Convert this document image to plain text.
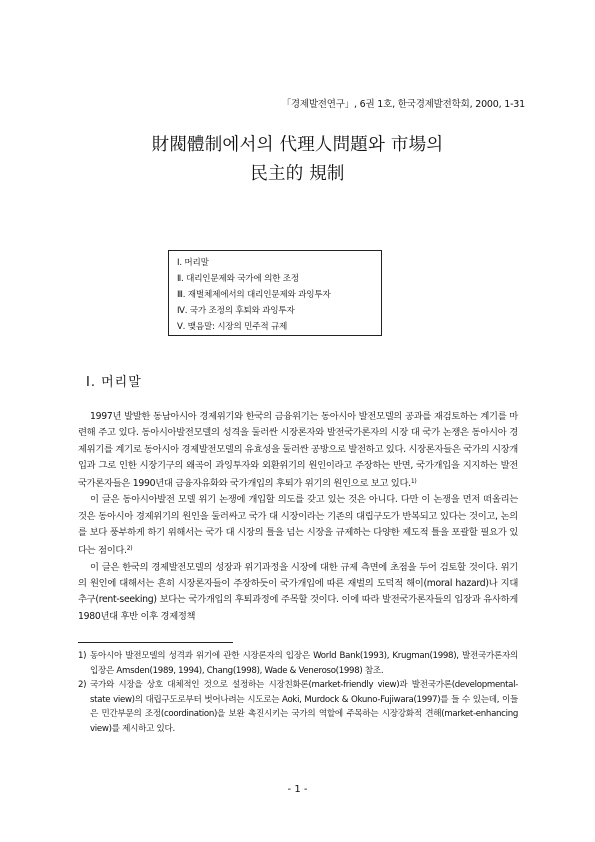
「경제발전연구」, 6권 1호, 한국경제발전학회, 2000, 1-31
財閥體制에서의 代理人問題와 市場의
民主的 規制
Ⅰ. 머리말
Ⅱ. 대리인문제와 국가에 의한 조정
Ⅲ. 재벌체제에서의 대리인문제와 과잉투자
Ⅳ. 국가 조정의 후퇴와 과잉투자
Ⅴ. 맺음말: 시장의 민주적 규제
Ⅰ. 머리말

1997년 발발한 동남아시아 경제위기와 한국의 금융위기는 동아시아 발전모델의 공과를 재검토하는 계기를 마련해 주고 있다. 동아시아발전모델의 성격을 둘러싼 시장론자와 발전국가론자의 시장 대 국가 논쟁은 동아시아 경제위기를 계기로 동아시아 경제발전모델의 유효성을 둘러싼 공방으로 발전하고 있다. 시장론자들은 국가의 시장개입과 그로 인한 시장기구의 왜곡이 과잉투자와 외환위기의 원인이라고 주장하는 반면, 국가개입을 지지하는 발전국가론자들은 1990년대 금융자유화와 국가개입의 후퇴가 위기의 원인으로 보고 있다.$^{1)}$

이 글은 동아시아발전 모델 위기 논쟁에 개입할 의도를 갖고 있는 것은 아니다. 다만 이 논쟁을 먼저 떠올리는 것은 동아시아 경제위기의 원인을 둘러싸고 국가 대 시장이라는 기존의 대립구도가 반복되고 있다는 것이고, 논의를 보다 풍부하게 하기 위해서는 국가 대 시장의 틀을 넘는 시장을 규제하는 다양한 제도적 틀을 포괄할 필요가 있다는 점이다.$^{2)}$

이 글은 한국의 경제발전모델의 성장과 위기과정을 시장에 대한 규제 측면에 초점을 두어 검토할 것이다. 위기의 원인에 대해서는 흔히 시장론자들이 주장하듯이 국가개입에 따른 재벌의 도덕적 해이(moral hazard)나 지대추구(rent-seeking) 보다는 국가개입의 후퇴과정에 주목할 것이다. 이에 따라 발전국가론자들의 입장과 유사하게 1980년대 후반 이후 경제정책

1) 동아시아 발전모델의 성격과 위기에 관한 시장론자의 입장은 World Bank(1993), Krugman(1998), 발전국가론자의 입장은 Amsden(1989, 1994), Chang(1998), Wade & Veneroso(1998) 참조.
2) 국가와 시장을 상호 대체적인 것으로 설정하는 시장친화론(market-friendly view)과 발전국가론(developmental-state view)의 대립구도로부터 벗어나려는 시도로는 Aoki, Murdock & Okuno-Fujiwara(1997)를 들 수 있는데, 이들은 민간부문의 조정(coordination)을 보완 촉진시키는 국가의 역할에 주목하는 시장강화적 견해(market-enhancing view)를 제시하고 있다.
- 1 -
